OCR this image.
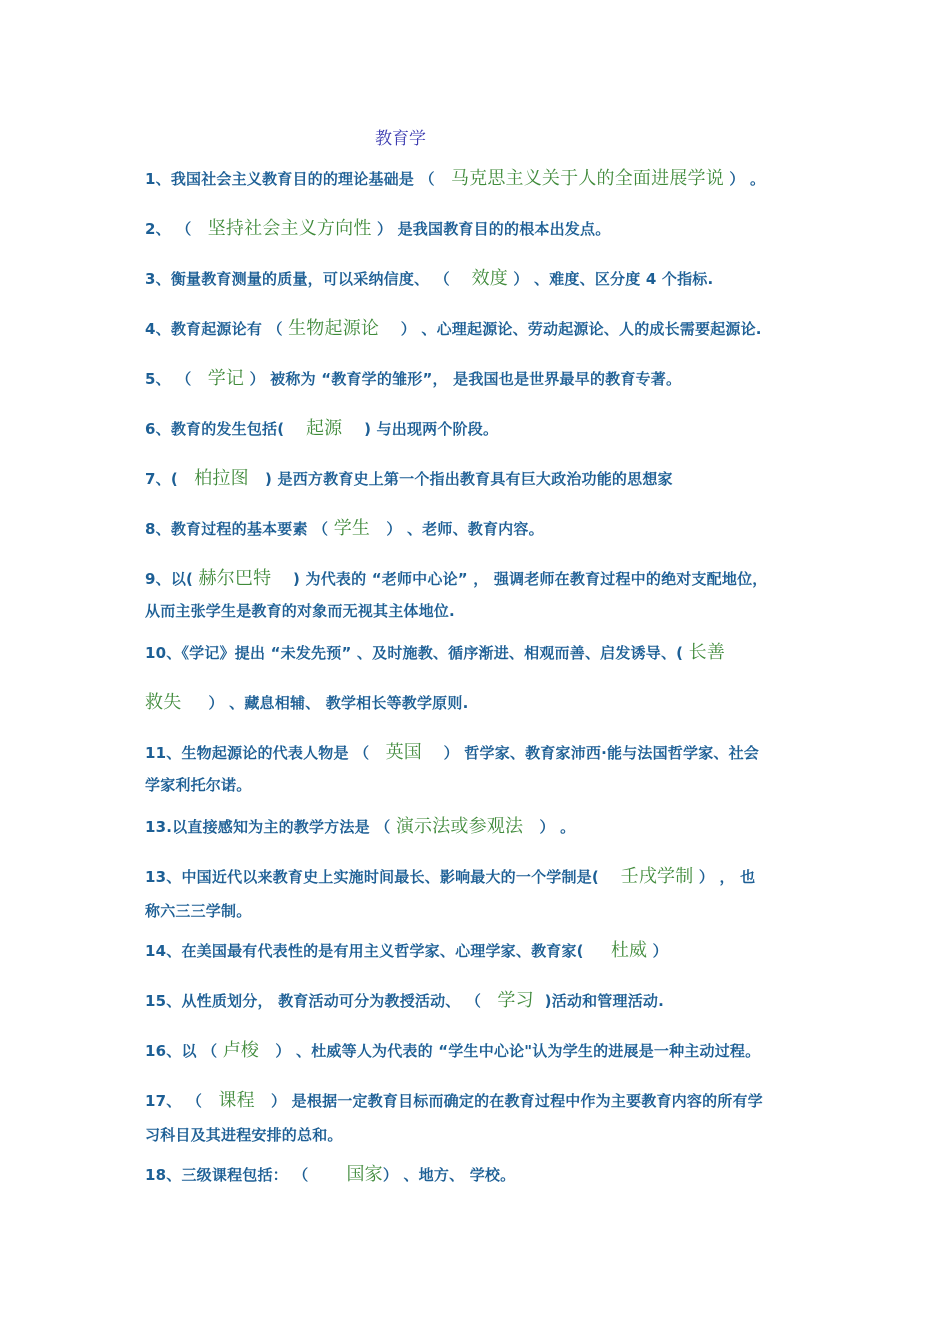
教育学
1、我国社会主义教育目的的理论基础是 （   马克思主义关于人的全面进展学说 ） 。
2、 （   坚持社会主义方向性 ） 是我国教育目的的根本出发点。
3、衡量教育测量的质量，可以采纳信度、 （    效度 ） 、难度、区分度 4 个指标.
4、教育起源论有 （ 生物起源论    ） 、心理起源论、劳动起源论、人的成长需要起源论.
5、 （   学记 ） 被称为 “教育学的雏形”， 是我国也是世界最早的教育专著。
6、教育的发生包括(    起源    ) 与出现两个阶段。
7、(   柏拉图   ) 是西方教育史上第一个指出教育具有巨大政治功能的思想家
8、教育过程的基本要素 （ 学生   ） 、老师、教育内容。
9、以( 赫尔巴特    ) 为代表的 “老师中心论” ， 强调老师在教育过程中的绝对支配地位，
从而主张学生是教育的对象而无视其主体地位.
10、《学记》提出 “未发先预” 、及时施教、循序渐进、相观而善、启发诱导、( 长善
救失     ） 、藏息相辅、 教学相长等教学原则.
11、生物起源论的代表人物是 （   英国    ） 哲学家、教育家沛西·能与法国哲学家、社会
学家利托尔诺。
13.以直接感知为主的教学方法是 （ 演示法或参观法   ） 。
13、中国近代以来教育史上实施时间最长、影响最大的一个学制是(    壬戌学制 ） ， 也
称六三三学制。
14、在美国最有代表性的是有用主义哲学家、心理学家、教育家(     杜威 ）
15、从性质划分， 教育活动可分为教授活动、 （   学习  )活动和管理活动.
16、以 （ 卢梭   ） 、杜威等人为代表的 “学生中心论"认为学生的进展是一种主动过程。
17、 （   课程   ） 是根据一定教育目标而确定的在教育过程中作为主要教育内容的所有学
习科目及其进程安排的总和。
18、三级课程包括： （       国家） 、地方、 学校。
